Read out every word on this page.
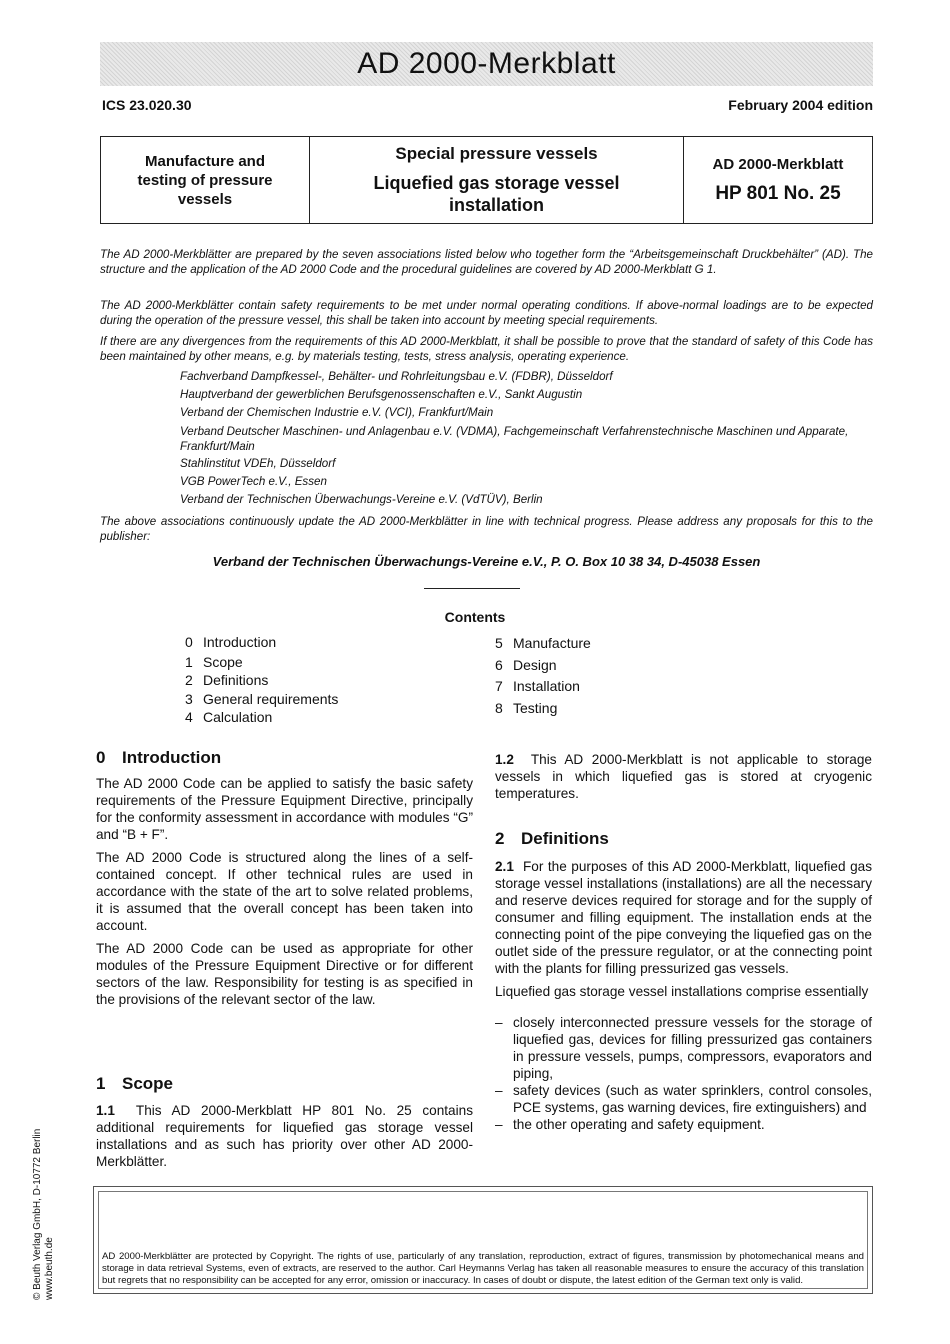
AD 2000-Merkblatt
ICS 23.020.30	February 2004 edition
Manufacture and
testing of pressure
vessels
Special pressure vessels
Liquefied gas storage vessel
installation
AD 2000-Merkblatt
HP 801 No. 25

The AD 2000-Merkblätter are prepared by the seven associations listed below who together form the “Arbeitsgemeinschaft Druckbehälter” (AD). The structure and the application of the AD 2000 Code and the procedural guidelines are covered by AD 2000-Merkblatt G 1.

The AD 2000-Merkblätter contain safety requirements to be met under normal operating conditions. If above-normal loadings are to be expected during the operation of the pressure vessel, this shall be taken into account by meeting special requirements.

If there are any divergences from the requirements of this AD 2000-Merkblatt, it shall be possible to prove that the standard of safety of this Code has been maintained by other means, e.g. by materials testing, tests, stress analysis, operating experience.

Fachverband Dampfkessel-, Behälter- und Rohrleitungsbau e.V. (FDBR), Düsseldorf
Hauptverband der gewerblichen Berufsgenossenschaften e.V., Sankt Augustin
Verband der Chemischen Industrie e.V. (VCI), Frankfurt/Main
Verband Deutscher Maschinen- und Anlagenbau e.V. (VDMA), Fachgemeinschaft Verfahrenstechnische Maschinen und Apparate, Frankfurt/Main
Stahlinstitut VDEh, Düsseldorf
VGB PowerTech e.V., Essen
Verband der Technischen Überwachungs-Vereine e.V. (VdTÜV), Berlin

The above associations continuously update the AD 2000-Merkblätter in line with technical progress. Please address any proposals for this to the publisher:

Verband der Technischen Überwachungs-Vereine e.V., P. O. Box 10 38 34, D-45038 Essen
Contents
0 Introduction
1 Scope
2 Definitions
3 General requirements
4 Calculation
5 Manufacture
6 Design
7 Installation
8 Testing
0 Introduction

The AD 2000 Code can be applied to satisfy the basic safety requirements of the Pressure Equipment Directive, principally for the conformity assessment in accordance with modules “G” and “B + F”.

The AD 2000 Code is structured along the lines of a self-contained concept. If other technical rules are used in accordance with the state of the art to solve related problems, it is assumed that the overall concept has been taken into account.

The AD 2000 Code can be used as appropriate for other modules of the Pressure Equipment Directive or for different sectors of the law. Responsibility for testing is as specified in the provisions of the relevant sector of the law.

1 Scope

1.1 This AD 2000-Merkblatt HP 801 No. 25 contains additional requirements for liquefied gas storage vessel installations and as such has priority over other AD 2000-Merkblätter.

1.2 This AD 2000-Merkblatt is not applicable to storage vessels in which liquefied gas is stored at cryogenic temperatures.

2 Definitions

2.1 For the purposes of this AD 2000-Merkblatt, liquefied gas storage vessel installations (installations) are all the necessary and reserve devices required for storage and for the supply of consumer and filling equipment. The installation ends at the connecting point of the pipe conveying the liquefied gas on the outlet side of the pressure regulator, or at the connecting point with the plants for filling pressurized gas vessels.

Liquefied gas storage vessel installations comprise essentially

– closely interconnected pressure vessels for the storage of liquefied gas, devices for filling pressurized gas containers in pressure vessels, pumps, compressors, evaporators and piping,
– safety devices (such as water sprinklers, control consoles, PCE systems, gas warning devices, fire extinguishers) and
– the other operating and safety equipment.
AD 2000-Merkblätter are protected by Copyright. The rights of use, particularly of any translation, reproduction, extract of figures, transmission by photomechanical means and storage in data retrieval Systems, even of extracts, are reserved to the author. Carl Heymanns Verlag has taken all reasonable measures to ensure the accuracy of this translation but regrets that no responsibility can be accepted for any error, omission or inaccuracy. In cases of doubt or dispute, the latest edition of the German text only is valid.
© Beuth Verlag GmbH, D-10772 Berlin www.beuth.de
